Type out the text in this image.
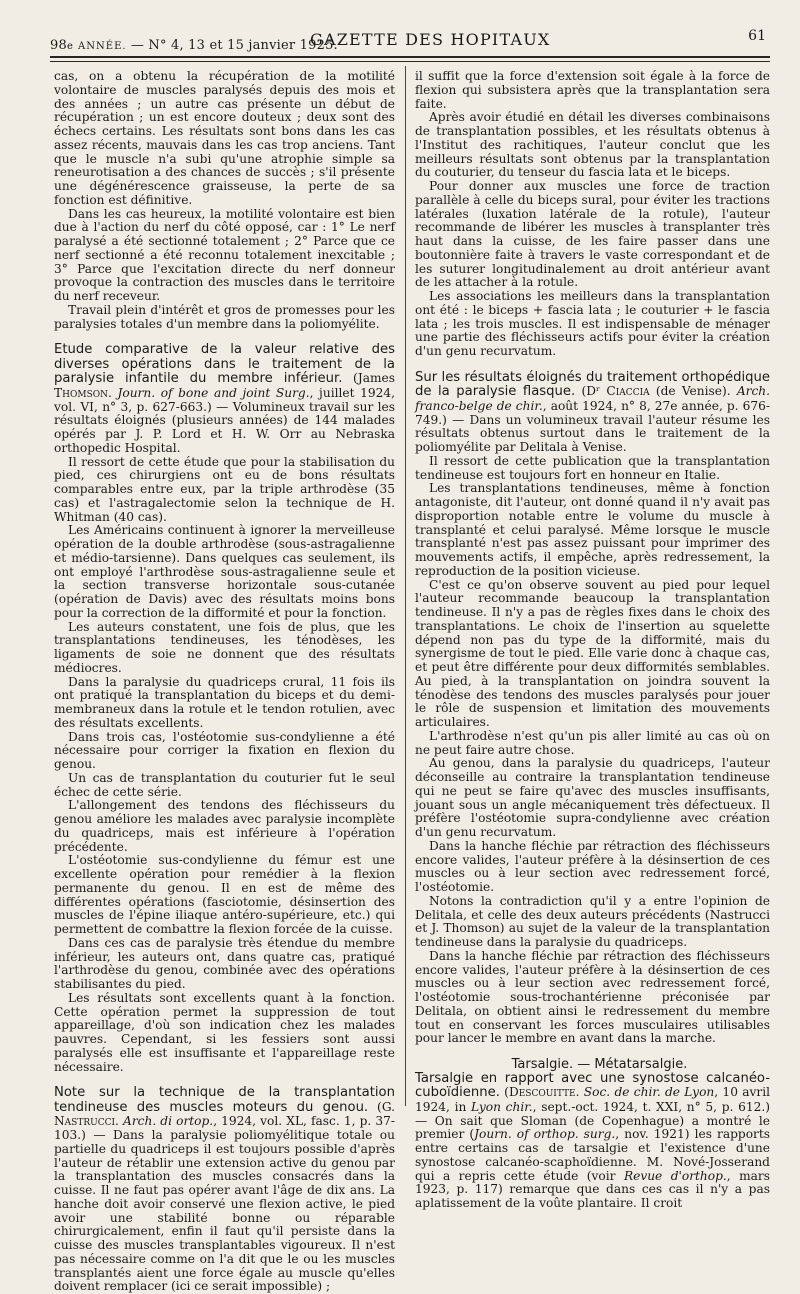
98e ANNÉE. — N° 4, 13 et 15 janvier 1925.
GAZETTE DES HOPITAUX	61

cas, on a obtenu la récupération de la motilité volontaire de muscles paralysés depuis des mois et des années ; un autre cas présente un début de récupération ; un est encore douteux ; deux sont des échecs certains. Les résultats sont bons dans les cas assez récents, mauvais dans les cas trop anciens. Tant que le muscle n'a subi qu'une atrophie simple sa reneurotisation a des chances de succès ; s'il présente une dégénérescence graisseuse, la perte de sa fonction est définitive.

Dans les cas heureux, la motilité volontaire est bien due à l'action du nerf du côté opposé, car : 1° Le nerf paralysé a été sectionné totalement ; 2° Parce que ce nerf sectionné a été reconnu totalement inexcitable ; 3° Parce que l'excitation directe du nerf donneur provoque la contraction des muscles dans le territoire du nerf receveur.

Travail plein d'intérêt et gros de promesses pour les paralysies totales d'un membre dans la poliomyélite.

Etude comparative de la valeur relative des diverses opérations dans le traitement de la paralysie infantile du membre inférieur. (James Thomson. Journ. of bone and joint Surg., juillet 1924, vol. VI, n° 3, p. 627-663.) — Volumineux travail sur les résultats éloignés (plusieurs années) de 144 malades opérés par J. P. Lord et H. W. Orr au Nebraska orthopedic Hospital.

Il ressort de cette étude que pour la stabilisation du pied, ces chirurgiens ont eu de bons résultats comparables entre eux, par la triple arthrodèse (35 cas) et l'astragalectomie selon la technique de H. Whitman (40 cas).

Les Américains continuent à ignorer la merveilleuse opération de la double arthrodèse (sous-astragalienne et médio-tarsienne). Dans quelques cas seulement, ils ont employé l'arthrodèse sous-astragalienne seule et la section transverse horizontale sous-cutanée (opération de Davis) avec des résultats moins bons pour la correction de la difformité et pour la fonction.

Les auteurs constatent, une fois de plus, que les transplantations tendineuses, les ténodèses, les ligaments de soie ne donnent que des résultats médiocres.

Dans la paralysie du quadriceps crural, 11 fois ils ont pratiqué la transplantation du biceps et du demi-membraneux dans la rotule et le tendon rotulien, avec des résultats excellents.

Dans trois cas, l'ostéotomie sus-condylienne a été nécessaire pour corriger la fixation en flexion du genou.

Un cas de transplantation du couturier fut le seul échec de cette série.

L'allongement des tendons des fléchisseurs du genou améliore les malades avec paralysie incomplète du quadriceps, mais est inférieure à l'opération précédente.

L'ostéotomie sus-condylienne du fémur est une excellente opération pour remédier à la flexion permanente du genou. Il en est de même des différentes opérations (fasciotomie, désinsertion des muscles de l'épine iliaque antéro-supérieure, etc.) qui permettent de combattre la flexion forcée de la cuisse.

Dans ces cas de paralysie très étendue du membre inférieur, les auteurs ont, dans quatre cas, pratiqué l'arthrodèse du genou, combinée avec des opérations stabilisantes du pied.

Les résultats sont excellents quant à la fonction. Cette opération permet la suppression de tout appareillage, d'où son indication chez les malades pauvres. Cependant, si les fessiers sont aussi paralysés elle est insuffisante et l'appareillage reste nécessaire.

Note sur la technique de la transplantation tendineuse des muscles moteurs du genou. (G. Nastrucci. Arch. di ortop., 1924, vol. XL, fasc. 1, p. 37-103.) — Dans la paralysie poliomyélitique totale ou partielle du quadriceps il est toujours possible d'après l'auteur de rétablir une extension active du genou par la transplantation des muscles consacrés dans la cuisse. Il ne faut pas opérer avant l'âge de dix ans. La hanche doit avoir conservé une flexion active, le pied avoir une stabilité bonne ou réparable chirurgicalement, enfin il faut qu'il persiste dans la cuisse des muscles transplantables vigoureux. Il n'est pas nécessaire comme on l'a dit que le ou les muscles transplantés aient une force égale au muscle qu'elles doivent remplacer (ici ce serait impossible) ;

il suffit que la force d'extension soit égale à la force de flexion qui subsistera après que la transplantation sera faite.

Après avoir étudié en détail les diverses combinaisons de transplantation possibles, et les résultats obtenus à l'Institut des rachitiques, l'auteur conclut que les meilleurs résultats sont obtenus par la transplantation du couturier, du tenseur du fascia lata et le biceps.

Pour donner aux muscles une force de traction parallèle à celle du biceps sural, pour éviter les tractions latérales (luxation latérale de la rotule), l'auteur recommande de libérer les muscles à transplanter très haut dans la cuisse, de les faire passer dans une boutonnière faite à travers le vaste correspondant et de les suturer longitudinalement au droit antérieur avant de les attacher à la rotule.

Les associations les meilleurs dans la transplantation ont été : le biceps + fascia lata ; le couturier + le fascia lata ; les trois muscles. Il est indispensable de ménager une partie des fléchisseurs actifs pour éviter la création d'un genu recurvatum.

Sur les résultats éloignés du traitement orthopédique de la paralysie flasque. (Dʳ Ciaccia (de Venise). Arch. franco-belge de chir., août 1924, n° 8, 27e année, p. 676-749.) — Dans un volumineux travail l'auteur résume les résultats obtenus surtout dans le traitement de la poliomyélite par Delitala à Venise.

Il ressort de cette publication que la transplantation tendineuse est toujours fort en honneur en Italie.

Les transplantations tendineuses, même à fonction antagoniste, dit l'auteur, ont donné quand il n'y avait pas disproportion notable entre le volume du muscle à transplanté et celui paralysé. Même lorsque le muscle transplanté n'est pas assez puissant pour imprimer des mouvements actifs, il empêche, après redressement, la reproduction de la position vicieuse.

C'est ce qu'on observe souvent au pied pour lequel l'auteur recommande beaucoup la transplantation tendineuse. Il n'y a pas de règles fixes dans le choix des transplantations. Le choix de l'insertion au squelette dépend non pas du type de la difformité, mais du synergisme de tout le pied. Elle varie donc à chaque cas, et peut être différente pour deux difformités semblables. Au pied, à la transplantation on joindra souvent la ténodèse des tendons des muscles paralysés pour jouer le rôle de suspension et limitation des mouvements articulaires.

L'arthrodèse n'est qu'un pis aller limité au cas où on ne peut faire autre chose.

Au genou, dans la paralysie du quadriceps, l'auteur déconseille au contraire la transplantation tendineuse qui ne peut se faire qu'avec des muscles insuffisants, jouant sous un angle mécaniquement très défectueux. Il préfère l'ostéotomie supra-condylienne avec création d'un genu recurvatum.

Dans la hanche fléchie par rétraction des fléchisseurs encore valides, l'auteur préfère à la désinsertion de ces muscles ou à leur section avec redressement forcé, l'ostéotomie.

Notons la contradiction qu'il y a entre l'opinion de Delitala, et celle des deux auteurs précédents (Nastrucci et J. Thomson) au sujet de la valeur de la transplantation tendineuse dans la paralysie du quadriceps.

Dans la hanche fléchie par rétraction des fléchisseurs encore valides, l'auteur préfère à la désinsertion de ces muscles ou à leur section avec redressement forcé, l'ostéotomie sous-trochantérienne préconisée par Delitala, on obtient ainsi le redressement du membre tout en conservant les forces musculaires utilisables pour lancer le membre en avant dans la marche.

Tarsalgie. — Métatarsalgie.

Tarsalgie en rapport avec une synostose calcanéo-cuboïdienne. (Descouitte. Soc. de chir. de Lyon, 10 avril 1924, in Lyon chir., sept.-oct. 1924, t. XXI, n° 5, p. 612.) — On sait que Sloman (de Copenhague) a montré le premier (Journ. of orthop. surg., nov. 1921) les rapports entre certains cas de tarsalgie et l'existence d'une synostose calcanéo-scaphoïdienne. M. Nové-Josserand qui a repris cette étude (voir Revue d'orthop., mars 1923, p. 117) remarque que dans ces cas il n'y a pas aplatissement de la voûte plantaire. Il croit
